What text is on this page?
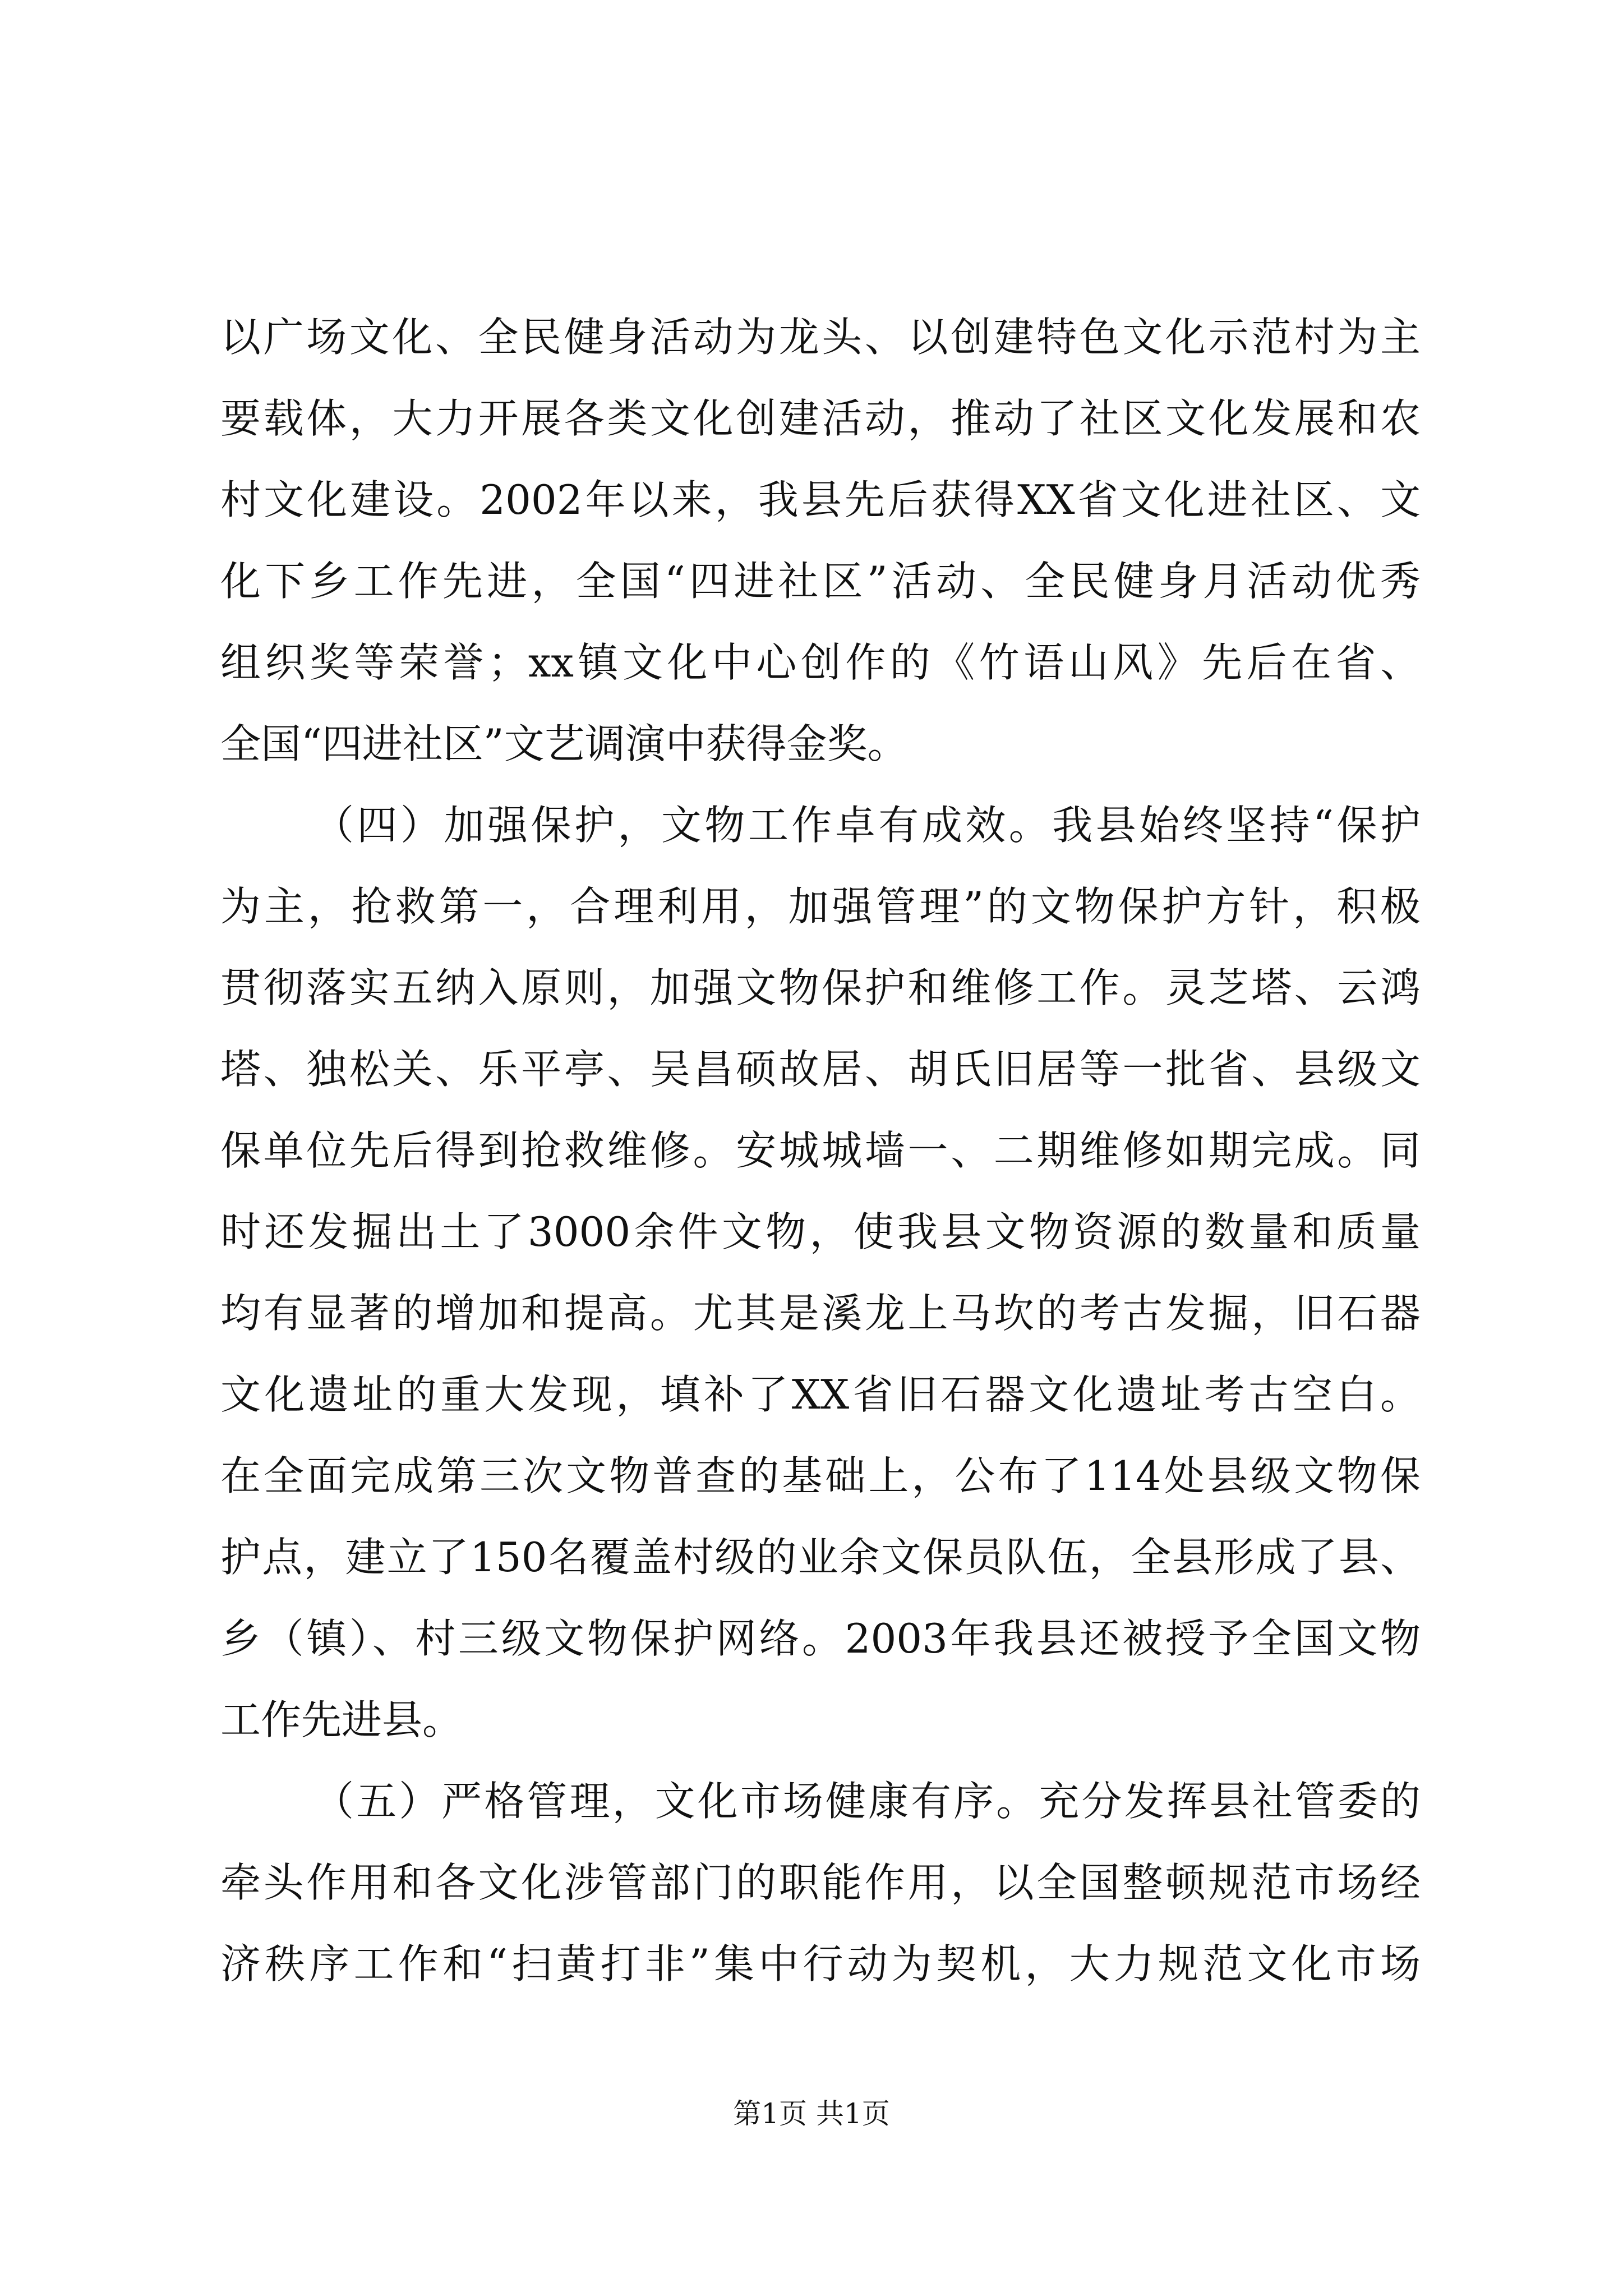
以广场文化、全民健身活动为龙头、以创建特色文化示范村为主
要载体，大力开展各类文化创建活动，推动了社区文化发展和农
村文化建设。2002年以来，我县先后获得XX省文化进社区、文
化下乡工作先进，全国“四进社区”活动、全民健身月活动优秀
组织奖等荣誉；xx镇文化中心创作的《竹语山风》先后在省、
全国“四进社区”文艺调演中获得金奖。
（四）加强保护，文物工作卓有成效。我县始终坚持“保护
为主，抢救第一，合理利用，加强管理”的文物保护方针，积极
贯彻落实五纳入原则，加强文物保护和维修工作。灵芝塔、云鸿
塔、独松关、乐平亭、吴昌硕故居、胡氏旧居等一批省、县级文
保单位先后得到抢救维修。安城城墙一、二期维修如期完成。同
时还发掘出土了3000余件文物，使我县文物资源的数量和质量
均有显著的增加和提高。尤其是溪龙上马坎的考古发掘，旧石器
文化遗址的重大发现，填补了XX省旧石器文化遗址考古空白。
在全面完成第三次文物普查的基础上，公布了114处县级文物保
护点，建立了150名覆盖村级的业余文保员队伍，全县形成了县、
乡（镇）、村三级文物保护网络。2003年我县还被授予全国文物
工作先进县。
（五）严格管理，文化市场健康有序。充分发挥县社管委的
牵头作用和各文化涉管部门的职能作用，以全国整顿规范市场经
济秩序工作和“扫黄打非”集中行动为契机，大力规范文化市场
第1页 共1页
